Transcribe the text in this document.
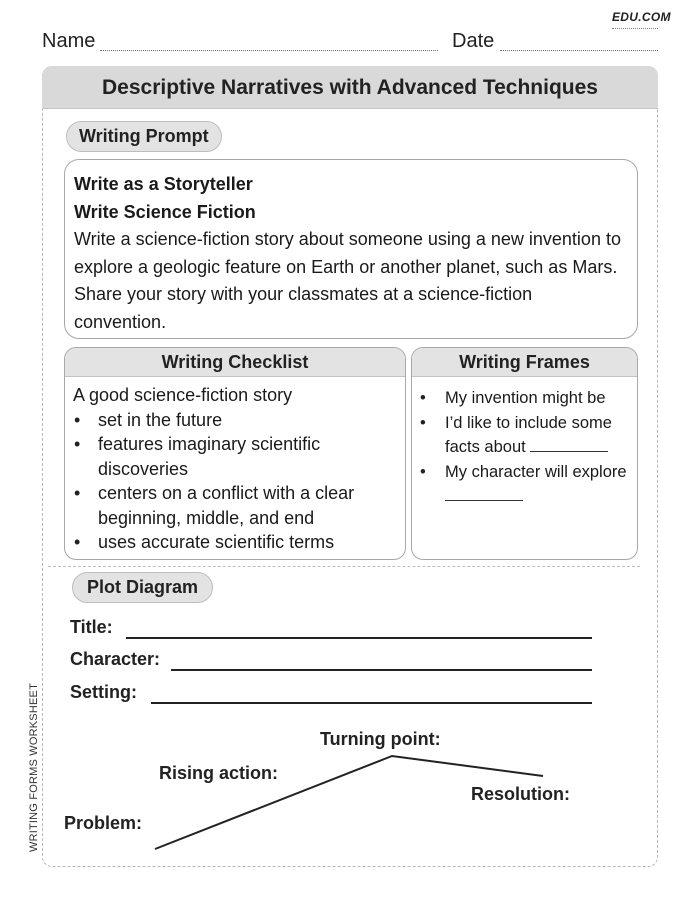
EDU.COM
Name	Date
Descriptive Narratives with Advanced Techniques
Writing Prompt
Write as a Storyteller
Write Science Fiction
Write a science-fiction story about someone using a new invention to explore a geologic feature on Earth or another planet, such as Mars. Share your story with your classmates at a science-fiction convention.
Writing Checklist
A good science-fiction story
• set in the future
• features imaginary scientific discoveries
• centers on a conflict with a clear beginning, middle, and end
• uses accurate scientific terms
Writing Frames
• My invention might be
• I’d like to include some facts about
• My character will explore
Plot Diagram
Title:
Character:
Setting:
Turning point:
Rising action:
Resolution:
Problem:
WRITING FORMS WORKSHEET
